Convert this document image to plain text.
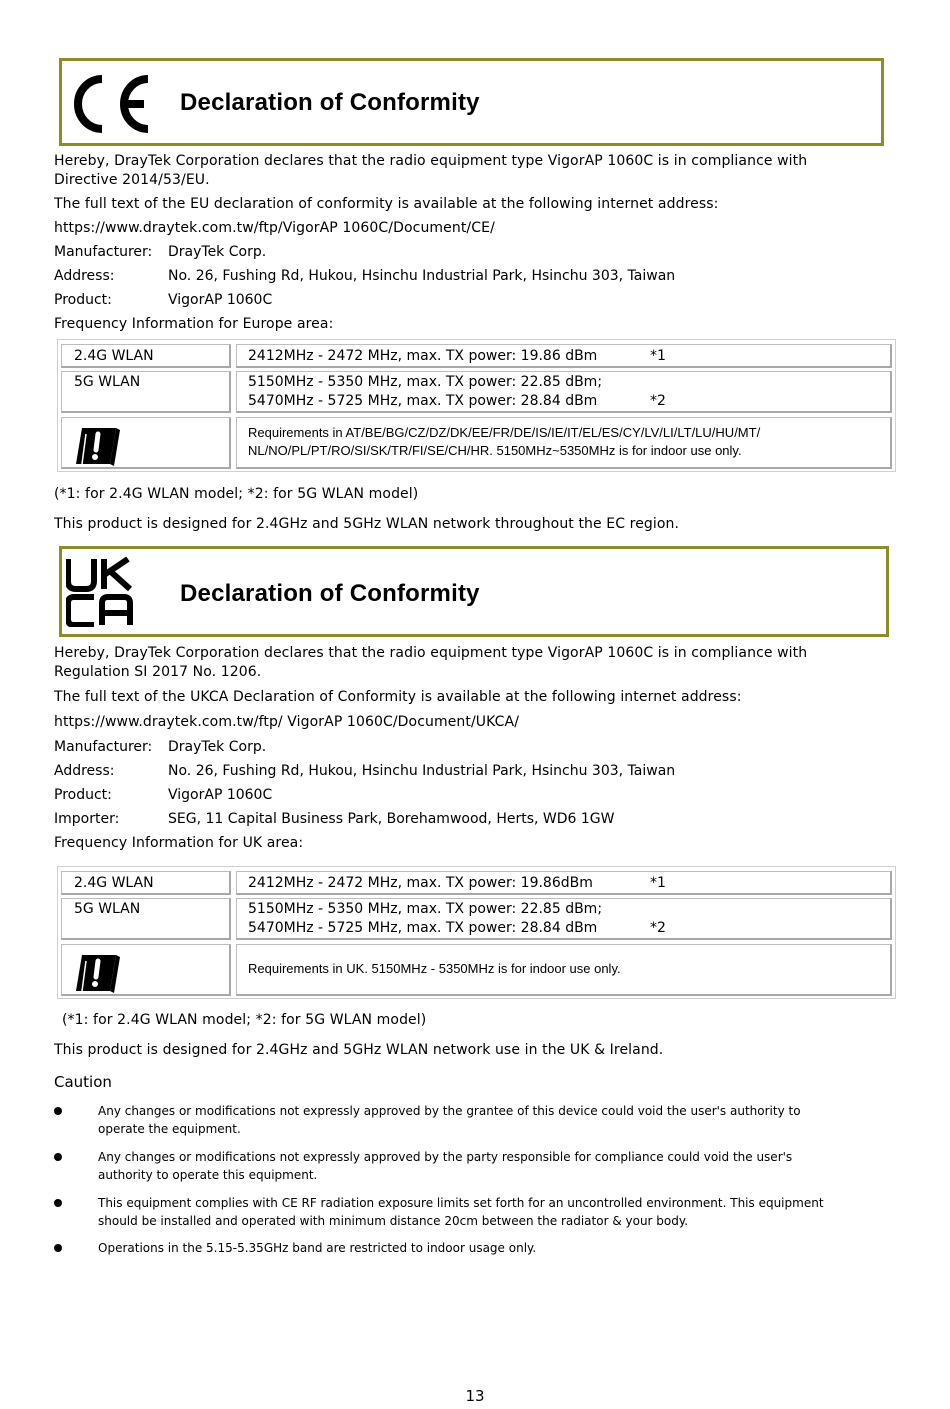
Declaration of Conformity
Hereby, DrayTek Corporation declares that the radio equipment type VigorAP 1060C is in compliance with
Directive 2014/53/EU.
The full text of the EU declaration of conformity is available at the following internet address:
https://www.draytek.com.tw/ftp/VigorAP 1060C/Document/CE/
Manufacturer: DrayTek Corp.
Address:	No. 26, Fushing Rd, Hukou, Hsinchu Industrial Park, Hsinchu 303, Taiwan
Product:	VigorAP 1060C
Frequency Information for Europe area:
2.4G WLAN	2412MHz - 2472 MHz, max. TX power: 19.86 dBm	*1
5G WLAN	5150MHz - 5350 MHz, max. TX power: 22.85 dBm;
5470MHz - 5725 MHz, max. TX power: 28.84 dBm	*2
Requirements in AT/BE/BG/CZ/DZ/DK/EE/FR/DE/IS/IE/IT/EL/ES/CY/LV/LI/LT/LU/HU/MT/
NL/NO/PL/PT/RO/SI/SK/TR/FI/SE/CH/HR. 5150MHz~5350MHz is for indoor use only.
(*1: for 2.4G WLAN model; *2: for 5G WLAN model)
This product is designed for 2.4GHz and 5GHz WLAN network throughout the EC region.
Declaration of Conformity
Hereby, DrayTek Corporation declares that the radio equipment type VigorAP 1060C is in compliance with
Regulation SI 2017 No. 1206.
The full text of the UKCA Declaration of Conformity is available at the following internet address:
https://www.draytek.com.tw/ftp/ VigorAP 1060C/Document/UKCA/
Manufacturer: DrayTek Corp.
Address:	No. 26, Fushing Rd, Hukou, Hsinchu Industrial Park, Hsinchu 303, Taiwan
Product:	VigorAP 1060C
Importer:	SEG, 11 Capital Business Park, Borehamwood, Herts, WD6 1GW
Frequency Information for UK area:
2.4G WLAN	2412MHz - 2472 MHz, max. TX power: 19.86dBm	*1
5G WLAN	5150MHz - 5350 MHz, max. TX power: 22.85 dBm;
5470MHz - 5725 MHz, max. TX power: 28.84 dBm	*2
Requirements in UK. 5150MHz - 5350MHz is for indoor use only.
(*1: for 2.4G WLAN model; *2: for 5G WLAN model)
This product is designed for 2.4GHz and 5GHz WLAN network use in the UK & Ireland.
Caution
Any changes or modifications not expressly approved by the grantee of this device could void the user's authority to
operate the equipment.
Any changes or modifications not expressly approved by the party responsible for compliance could void the user's
authority to operate this equipment.
This equipment complies with CE RF radiation exposure limits set forth for an uncontrolled environment. This equipment
should be installed and operated with minimum distance 20cm between the radiator & your body.
Operations in the 5.15-5.35GHz band are restricted to indoor usage only.
13
